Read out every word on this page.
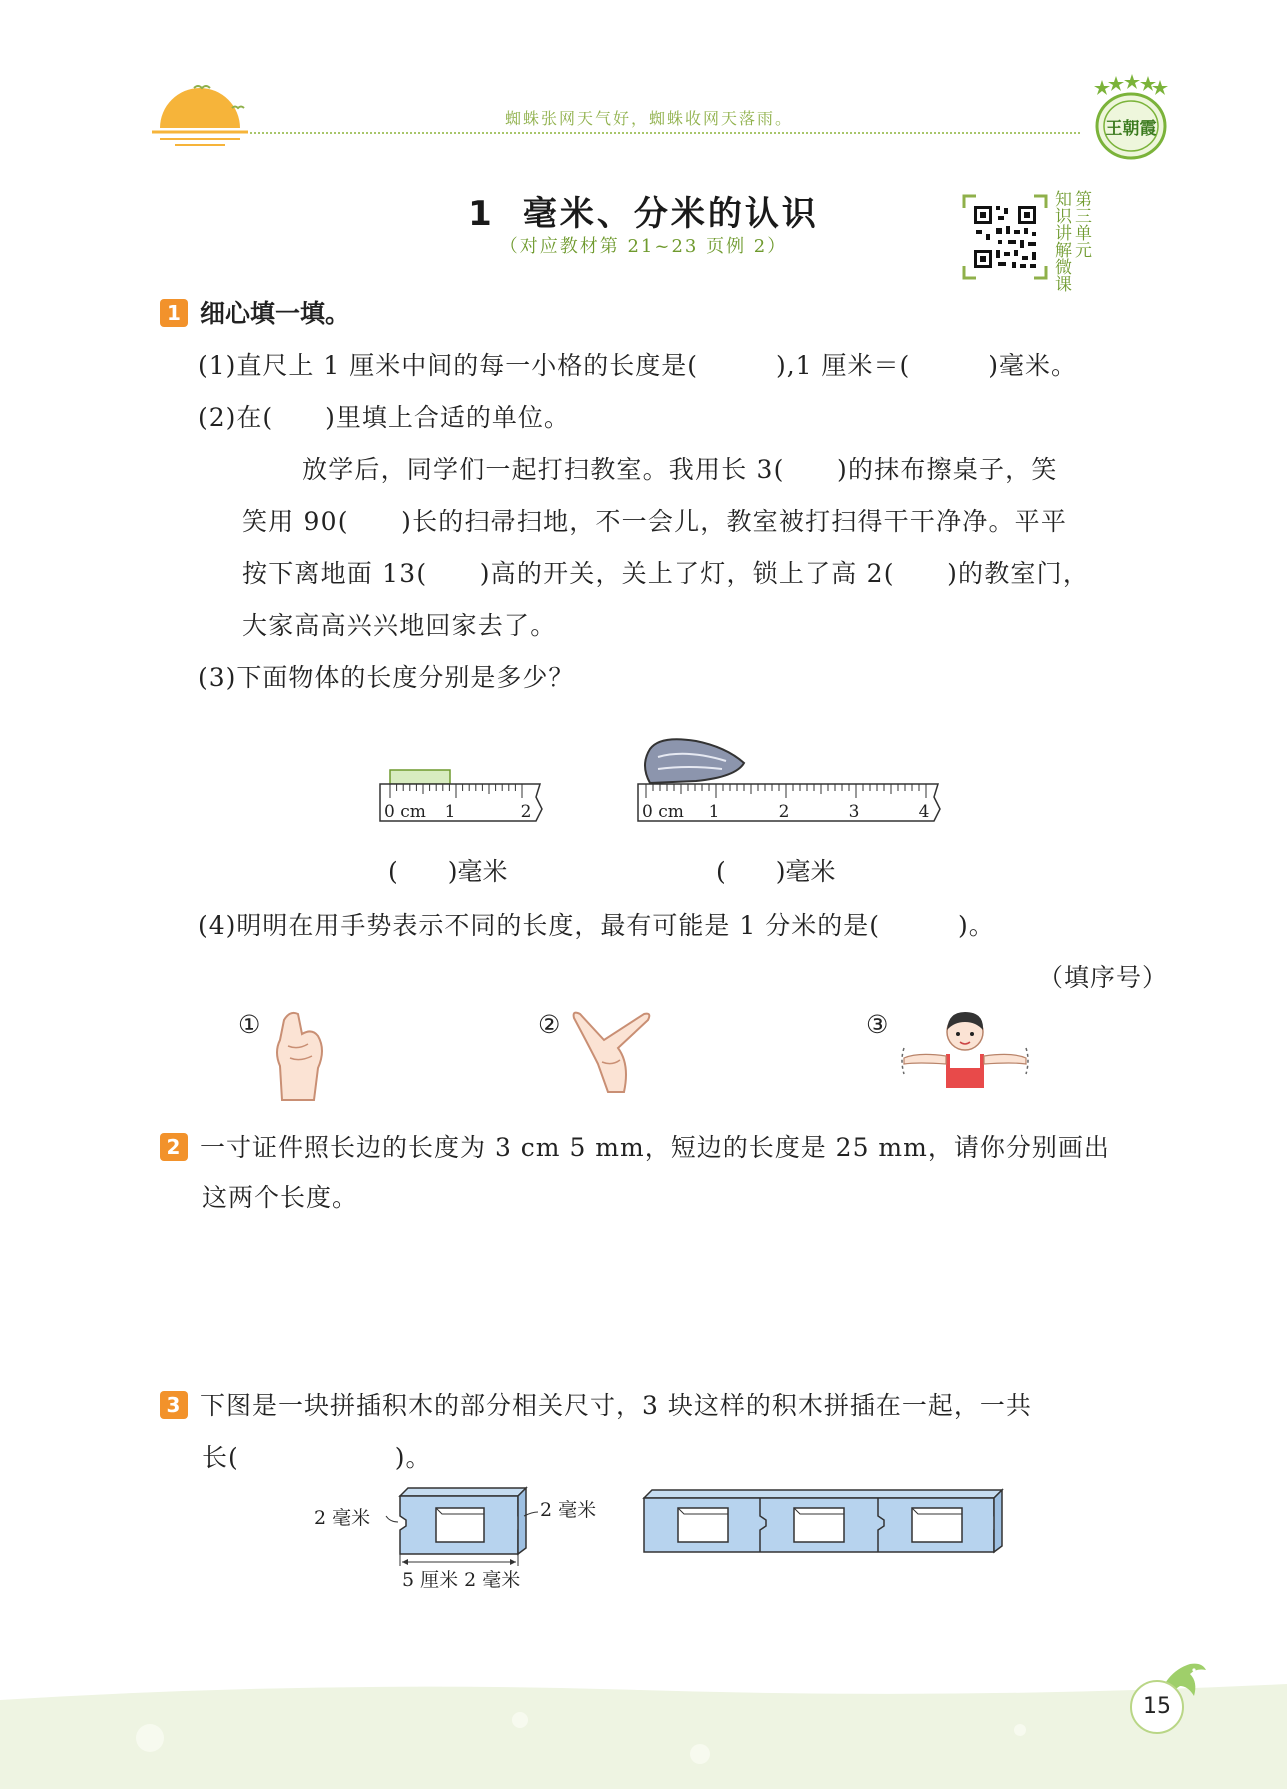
蜘蛛张网天气好，蜘蛛收网天落雨。
王朝霞
1 毫米、分米的认识
（对应教材第 21~23 页例 2）	知识讲解微课 第三单元
1 细心填一填。
(1)直尺上 1 厘米中间的每一小格的长度是(　　　),1 厘米＝(　　　)毫米。
(2)在(　　)里填上合适的单位。
放学后，同学们一起打扫教室。我用长 3(　　)的抹布擦桌子，笑
笑用 90(　　)长的扫帚扫地，不一会儿，教室被打扫得干干净净。平平
按下离地面 13(　　)高的开关，关上了灯，锁上了高 2(　　)的教室门，
大家高高兴兴地回家去了。
(3)下面物体的长度分别是多少？
0 cm 1	2
(　　)毫米
0 cm 1	2	3	4
(　　)毫米
(4)明明在用手势表示不同的长度，最有可能是 1 分米的是(　　　)。
（填序号）
①	②	③
2 一寸证件照长边的长度为 3 cm 5 mm，短边的长度是 25 mm，请你分别画出
这两个长度。
3 下图是一块拼插积木的部分相关尺寸，3 块这样的积木拼插在一起，一共
长(　　　　　　)。
2 毫米	2 毫米
5 厘米 2 毫米
15
